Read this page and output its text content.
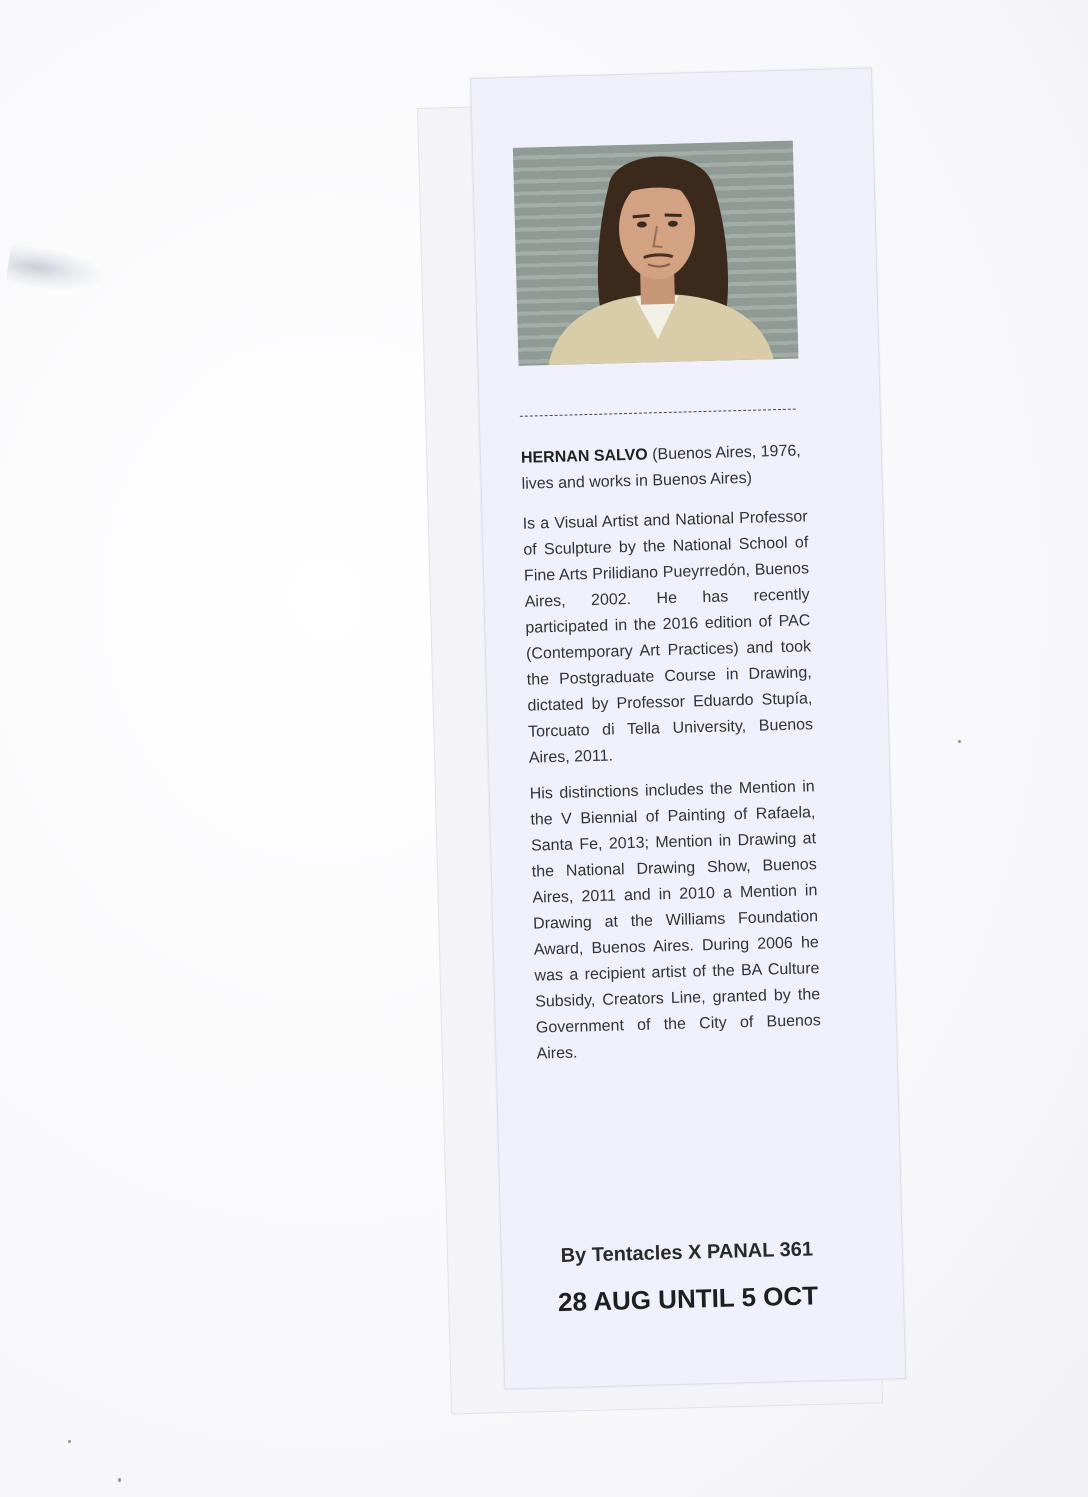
HERNAN SALVO (Buenos Aires, 1976, lives and works in Buenos Aires)

Is a Visual Artist and National Professor of Sculpture by the National School of Fine Arts Prilidiano Pueyrredón, Buenos Aires, 2002. He has recently participated in the 2016 edition of PAC (Contemporary Art Practices) and took the Postgraduate Course in Drawing, dictated by Professor Eduardo Stupía, Torcuato di Tella University, Buenos Aires, 2011.

His distinctions includes the Mention in the V Biennial of Painting of Rafaela, Santa Fe, 2013; Mention in Drawing at the National Drawing Show, Buenos Aires, 2011 and in 2010 a Mention in Drawing at the Williams Foundation Award, Buenos Aires. During 2006 he was a recipient artist of the BA Culture Subsidy, Creators Line, granted by the Government of the City of Buenos Aires.

By Tentacles X PANAL 361
28 AUG UNTIL 5 OCT
